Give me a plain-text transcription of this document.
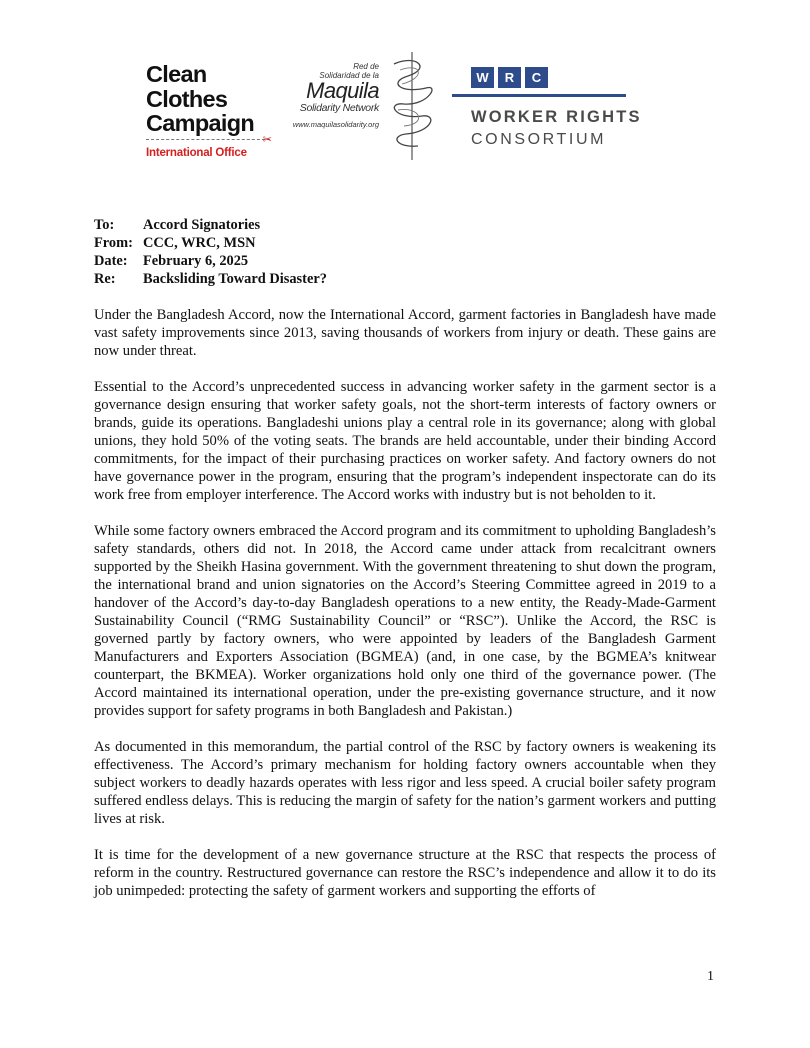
Clean
Clothes
Campaign
✂
International Office
Red de
Solidaridad de la
Maquila
Solidarity Network
www.maquilasolidarity.org
W	R	C
WORKER RIGHTS
CONSORTIUM
To:	Accord Signatories
From: CCC, WRC, MSN
Date:	February 6, 2025
Re:	Backsliding Toward Disaster?

Under the Bangladesh Accord, now the International Accord, garment factories in Bangladesh have made vast safety improvements since 2013, saving thousands of workers from injury or death. These gains are now under threat.

Essential to the Accord’s unprecedented success in advancing worker safety in the garment sector is a governance design ensuring that worker safety goals, not the short-term interests of factory owners or brands, guide its operations. Bangladeshi unions play a central role in its governance; along with global unions, they hold 50% of the voting seats. The brands are held accountable, under their binding Accord commitments, for the impact of their purchasing practices on worker safety. And factory owners do not have governance power in the program, ensuring that the program’s independent inspectorate can do its work free from employer interference. The Accord works with industry but is not beholden to it.

While some factory owners embraced the Accord program and its commitment to upholding Bangladesh’s safety standards, others did not. In 2018, the Accord came under attack from recalcitrant owners supported by the Sheikh Hasina government. With the government threatening to shut down the program, the international brand and union signatories on the Accord’s Steering Committee agreed in 2019 to a handover of the Accord’s day-to-day Bangladesh operations to a new entity, the Ready-Made-Garment Sustainability Council (“RMG Sustainability Council” or “RSC”). Unlike the Accord, the RSC is governed partly by factory owners, who were appointed by leaders of the Bangladesh Garment Manufacturers and Exporters Association (BGMEA) (and, in one case, by the BGMEA’s knitwear counterpart, the BKMEA). Worker organizations hold only one third of the governance power. (The Accord maintained its international operation, under the pre-existing governance structure, and it now provides support for safety programs in both Bangladesh and Pakistan.)

As documented in this memorandum, the partial control of the RSC by factory owners is weakening its effectiveness. The Accord’s primary mechanism for holding factory owners accountable when they subject workers to deadly hazards operates with less rigor and less speed. A crucial boiler safety program suffered endless delays. This is reducing the margin of safety for the nation’s garment workers and putting lives at risk.

It is time for the development of a new governance structure at the RSC that respects the process of reform in the country. Restructured governance can restore the RSC’s independence and allow it to do its job unimpeded: protecting the safety of garment workers and supporting the efforts of

1
